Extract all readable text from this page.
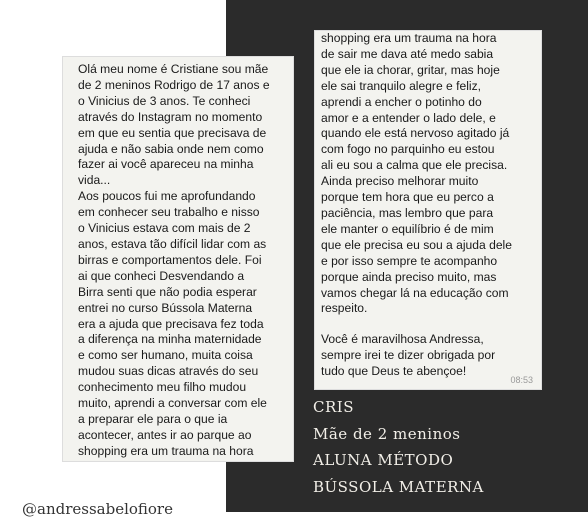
Olá meu nome é Cristiane sou mãe
de 2 meninos Rodrigo de 17 anos e
o Vinicius de 3 anos. Te conheci
através do Instagram no momento
em que eu sentia que precisava de
ajuda e não sabia onde nem como
fazer ai você apareceu na minha
vida...
Aos poucos fui me aprofundando
em conhecer seu trabalho e nisso
o Vinicius estava com mais de 2
anos, estava tão difícil lidar com as
birras e comportamentos dele. Foi
ai que conheci Desvendando a
Birra senti que não podia esperar
entrei no curso Bússola Materna
era a ajuda que precisava fez toda
a diferença na minha maternidade
e como ser humano, muita coisa
mudou suas dicas através do seu
conhecimento meu filho mudou
muito, aprendi a conversar com ele
a preparar ele para o que ia
acontecer, antes ir ao parque ao
shopping era um trauma na hora
shopping era um trauma na hora
de sair me dava até medo sabia
que ele ia chorar, gritar, mas hoje
ele sai tranquilo alegre e feliz,
aprendi a encher o potinho do
amor e a entender o lado dele, e
quando ele está nervoso agitado já
com fogo no parquinho eu estou
ali eu sou a calma que ele precisa.
Ainda preciso melhorar muito
porque tem hora que eu perco a
paciência, mas lembro que para
ele manter o equilíbrio é de mim
que ele precisa eu sou a ajuda dele
e por isso sempre te acompanho
porque ainda preciso muito, mas
vamos chegar lá na educação com
respeito.
Você é maravilhosa Andressa,
sempre irei te dizer obrigada por
tudo que Deus te abençoe!
08:53
CRIS
Mãe de 2 meninos
ALUNA MÉTODO
BÚSSOLA MATERNA
@andressabelofiore
